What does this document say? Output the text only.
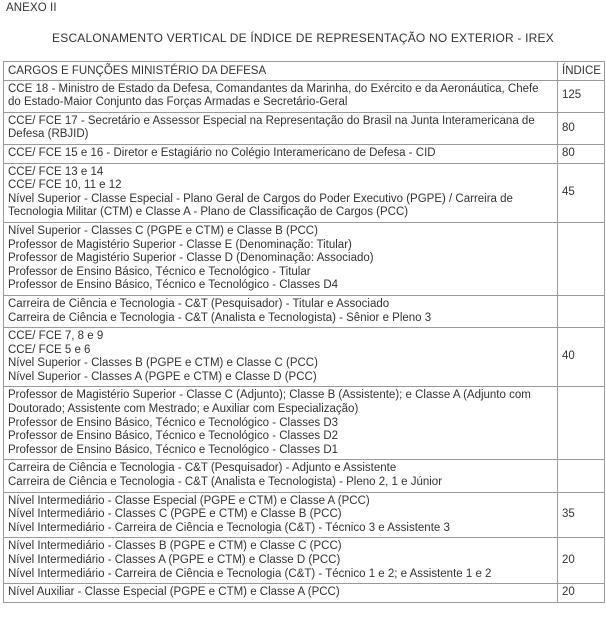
ANEXO II
ESCALONAMENTO VERTICAL DE ÍNDICE DE REPRESENTAÇÃO NO EXTERIOR - IREX
CARGOS E FUNÇÕES MINISTÉRIO DA DEFESA	ÍNDICE

CCE 18 - Ministro de Estado da Defesa, Comandantes da Marinha, do Exército e da Aeronáutica, Chefe do Estado-Maior Conjunto das Forças Armadas e Secretário-Geral	125

CCE/ FCE 17 - Secretário e Assessor Especial na Representação do Brasil na Junta Interamericana de Defesa (RBJID)	80

CCE/ FCE 15 e 16 - Diretor e Estagiário no Colégio Interamericano de Defesa - CID	80

CCE/ FCE 13 e 14
CCE/ FCE 10, 11 e 12
Nível Superior - Classe Especial - Plano Geral de Cargos do Poder Executivo (PGPE) / Carreira de Tecnologia Militar (CTM) e Classe A - Plano de Classificação de Cargos (PCC)	45

Nível Superior - Classes C (PGPE e CTM) e Classe B (PCC)
Professor de Magistério Superior - Classe E (Denominação: Titular)
Professor de Magistério Superior - Classe D (Denominação: Associado)
Professor de Ensino Básico, Técnico e Tecnológico - Titular
Professor de Ensino Básico, Técnico e Tecnológico - Classes D4	

Carreira de Ciência e Tecnologia - C&T (Pesquisador) - Titular e Associado
Carreira de Ciência e Tecnologia - C&T (Analista e Tecnologista) - Sênior e Pleno 3	

CCE/ FCE 7, 8 e 9
CCE/ FCE 5 e 6
Nível Superior - Classes B (PGPE e CTM) e Classe C (PCC)
Nível Superior - Classes A (PGPE e CTM) e Classe D (PCC)	40

Professor de Magistério Superior - Classe C (Adjunto); Classe B (Assistente); e Classe A (Adjunto com Doutorado; Assistente com Mestrado; e Auxiliar com Especialização)
Professor de Ensino Básico, Técnico e Tecnológico - Classes D3
Professor de Ensino Básico, Técnico e Tecnológico - Classes D2
Professor de Ensino Básico, Técnico e Tecnológico - Classes D1	

Carreira de Ciência e Tecnologia - C&T (Pesquisador) - Adjunto e Assistente
Carreira de Ciência e Tecnologia - C&T (Analista e Tecnologista) - Pleno 2, 1 e Júnior	

Nível Intermediário - Classe Especial (PGPE e CTM) e Classe A (PCC)
Nível Intermediário - Classes C (PGPE e CTM) e Classe B (PCC)
Nível Intermediário - Carreira de Ciência e Tecnologia (C&T) - Técnico 3 e Assistente 3	35

Nível Intermediário - Classes B (PGPE e CTM) e Classe C (PCC)
Nível Intermediário - Classes A (PGPE e CTM) e Classe D (PCC)
Nível Intermediário - Carreira de Ciência e Tecnologia (C&T) - Técnico 1 e 2; e Assistente 1 e 2	20

Nível Auxiliar - Classe Especial (PGPE e CTM) e Classe A (PCC)	20
